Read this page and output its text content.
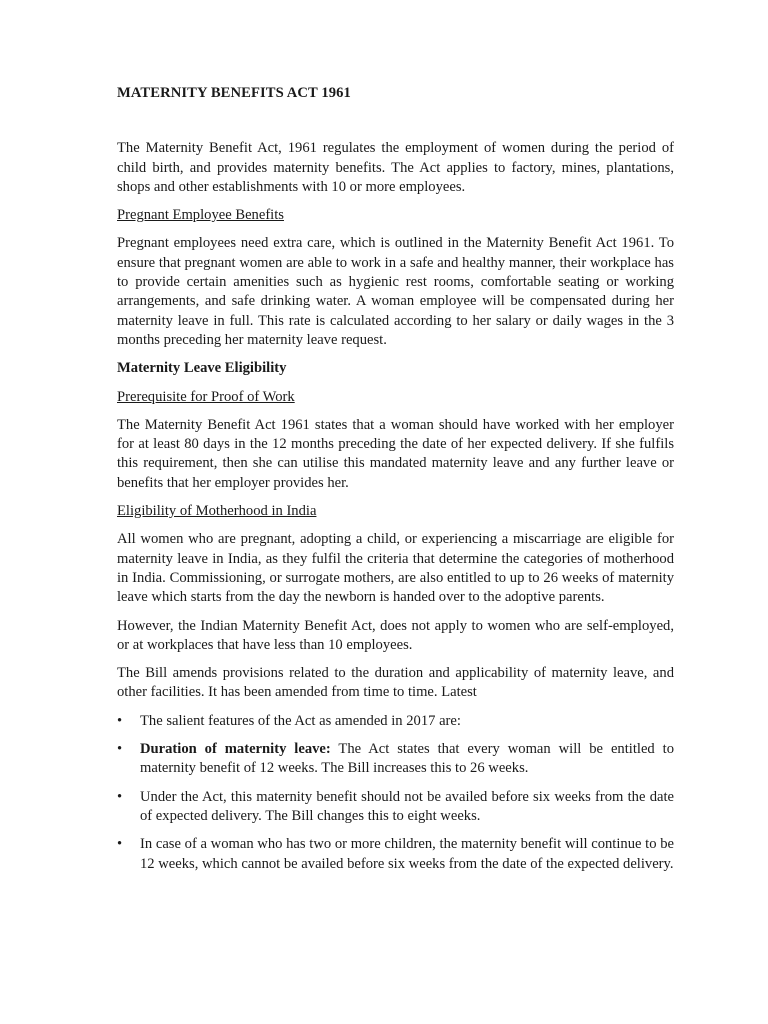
MATERNITY BENEFITS ACT 1961

The Maternity Benefit Act, 1961 regulates the employment of women during the period of child birth, and provides maternity benefits. The Act applies to factory, mines, plantations, shops and other establishments with 10 or more employees.

Pregnant Employee Benefits

Pregnant employees need extra care, which is outlined in the Maternity Benefit Act 1961. To ensure that pregnant women are able to work in a safe and healthy manner, their workplace has to provide certain amenities such as hygienic rest rooms, comfortable seating or working arrangements, and safe drinking water. A woman employee will be compensated during her maternity leave in full. This rate is calculated according to her salary or daily wages in the 3 months preceding her maternity leave request.

Maternity Leave Eligibility
Prerequisite for Proof of Work

The Maternity Benefit Act 1961 states that a woman should have worked with her employer for at least 80 days in the 12 months preceding the date of her expected delivery. If she fulfils this requirement, then she can utilise this mandated maternity leave and any further leave or benefits that her employer provides her.

Eligibility of Motherhood in India

All women who are pregnant, adopting a child, or experiencing a miscarriage are eligible for maternity leave in India, as they fulfil the criteria that determine the categories of motherhood in India. Commissioning, or surrogate mothers, are also entitled to up to 26 weeks of maternity leave which starts from the day the newborn is handed over to the adoptive parents.

However, the Indian Maternity Benefit Act, does not apply to women who are self-employed, or at workplaces that have less than 10 employees.

The Bill amends provisions related to the duration and applicability of maternity leave, and other facilities. It has been amended from time to time. Latest

• The salient features of the Act as amended in 2017 are:
• Duration of maternity leave: The Act states that every woman will be entitled to maternity benefit of 12 weeks. The Bill increases this to 26 weeks.
• Under the Act, this maternity benefit should not be availed before six weeks from the date of expected delivery. The Bill changes this to eight weeks.
• In case of a woman who has two or more children, the maternity benefit will continue to be 12 weeks, which cannot be availed before six weeks from the date of the expected delivery.
